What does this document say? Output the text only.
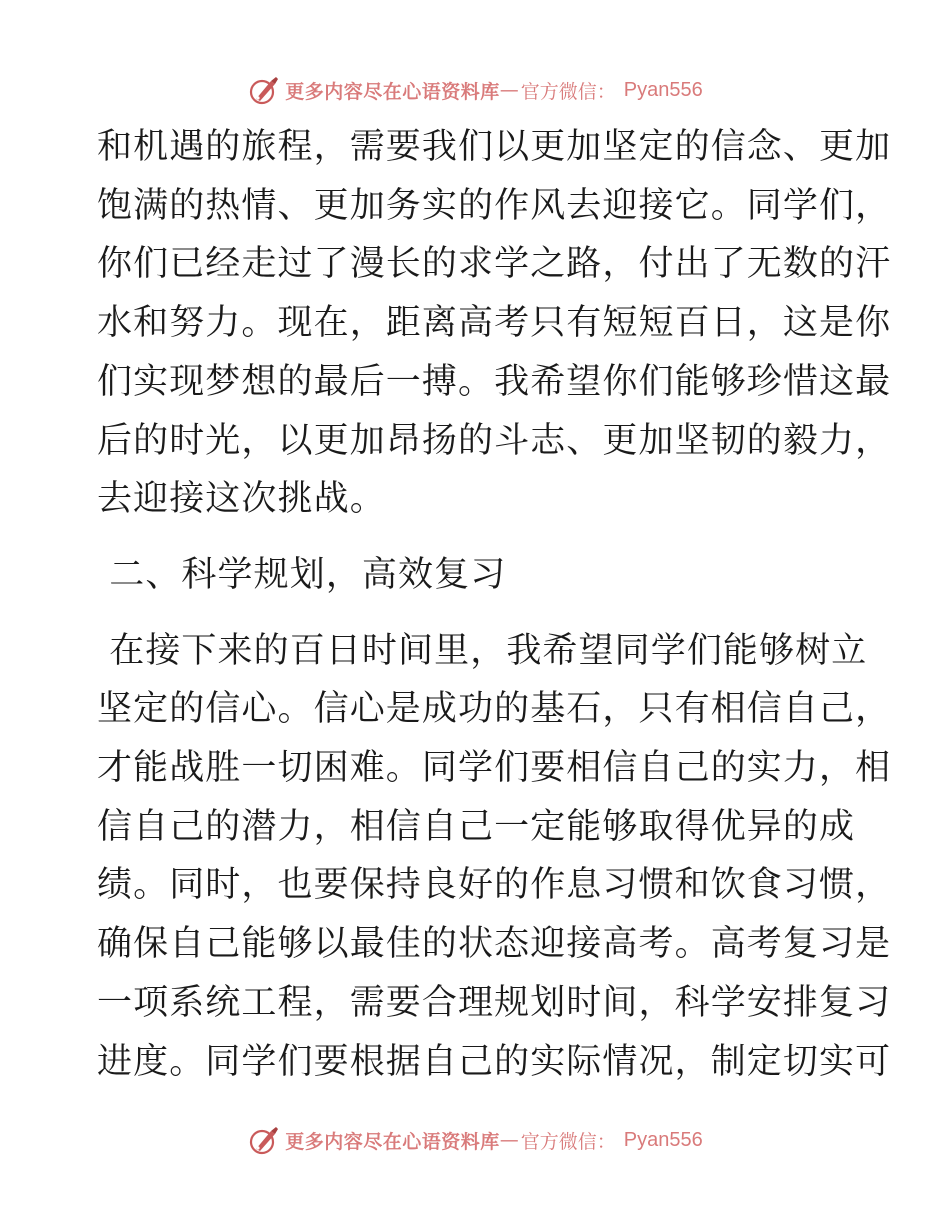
更多内容尽在心语资料库 — 官方微信： Pyan556

和机遇的旅程，需要我们以更加坚定的信念、更加

饱满的热情、更加务实的作风去迎接它。同学们，

你们已经走过了漫长的求学之路，付出了无数的汗

水和努力。现在，距离高考只有短短百日，这是你

们实现梦想的最后一搏。我希望你们能够珍惜这最

后的时光，以更加昂扬的斗志、更加坚韧的毅力，

去迎接这次挑战。

二、科学规划，高效复习

在接下来的百日时间里，我希望同学们能够树立

坚定的信心。信心是成功的基石，只有相信自己，

才能战胜一切困难。同学们要相信自己的实力，相

信自己的潜力，相信自己一定能够取得优异的成

绩。同时，也要保持良好的作息习惯和饮食习惯，

确保自己能够以最佳的状态迎接高考。高考复习是

一项系统工程，需要合理规划时间，科学安排复习

进度。同学们要根据自己的实际情况，制定切实可

更多内容尽在心语资料库 — 官方微信： Pyan556
